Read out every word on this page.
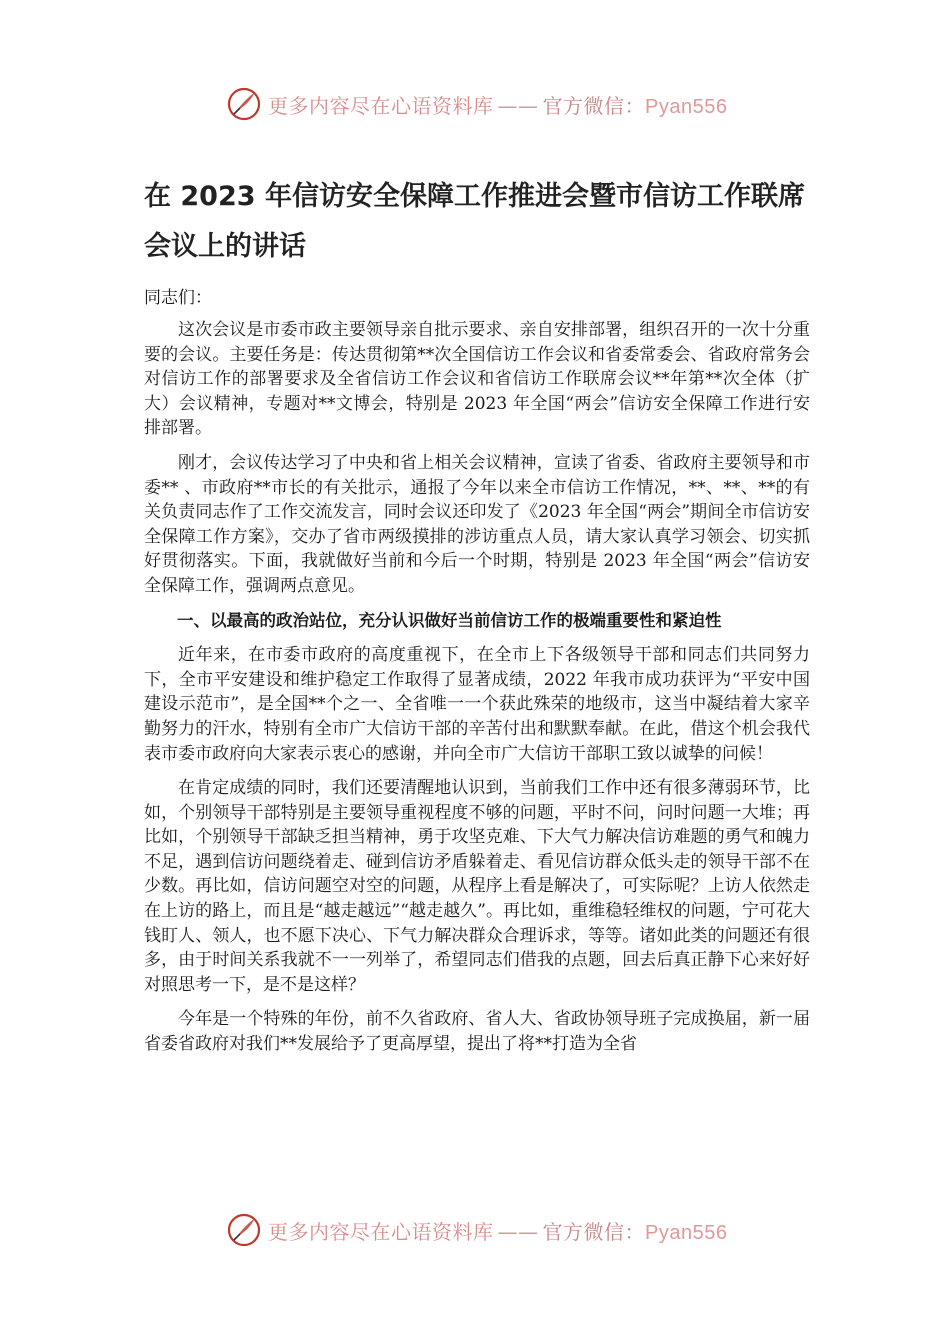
更多内容尽在心语资料库 —— 官方微信：Pyan556
在 2023 年信访安全保障工作推进会暨市信访工作联席会议上的讲话
同志们：

这次会议是市委市政主要领导亲自批示要求、亲自安排部署，组织召开的一次十分重要的会议。主要任务是：传达贯彻第**次全国信访工作会议和省委常委会、省政府常务会对信访工作的部署要求及全省信访工作会议和省信访工作联席会议**年第**次全体（扩大）会议精神，专题对**文博会，特别是 2023 年全国“两会”信访安全保障工作进行安排部署。

刚才，会议传达学习了中央和省上相关会议精神，宣读了省委、省政府主要领导和市委** 、市政府**市长的有关批示，通报了今年以来全市信访工作情况，**、**、**的有关负责同志作了工作交流发言，同时会议还印发了《2023 年全国“两会”期间全市信访安全保障工作方案》，交办了省市两级摸排的涉访重点人员，请大家认真学习领会、切实抓好贯彻落实。下面，我就做好当前和今后一个时期，特别是 2023 年全国“两会”信访安全保障工作，强调两点意见。

一、以最高的政治站位，充分认识做好当前信访工作的极端重要性和紧迫性

近年来，在市委市政府的高度重视下，在全市上下各级领导干部和同志们共同努力下，全市平安建设和维护稳定工作取得了显著成绩，2022 年我市成功获评为“平安中国建设示范市”，是全国**个之一、全省唯一一个获此殊荣的地级市，这当中凝结着大家辛勤努力的汗水，特别有全市广大信访干部的辛苦付出和默默奉献。在此，借这个机会我代表市委市政府向大家表示衷心的感谢，并向全市广大信访干部职工致以诚挚的问候！

在肯定成绩的同时，我们还要清醒地认识到，当前我们工作中还有很多薄弱环节，比如，个别领导干部特别是主要领导重视程度不够的问题，平时不问，问时问题一大堆；再比如，个别领导干部缺乏担当精神，勇于攻坚克难、下大气力解决信访难题的勇气和魄力不足，遇到信访问题绕着走、碰到信访矛盾躲着走、看见信访群众低头走的领导干部不在少数。再比如，信访问题空对空的问题，从程序上看是解决了，可实际呢？上访人依然走在上访的路上，而且是“越走越远”“越走越久”。再比如，重维稳轻维权的问题，宁可花大钱盯人、领人，也不愿下决心、下气力解决群众合理诉求，等等。诸如此类的问题还有很多，由于时间关系我就不一一列举了，希望同志们借我的点题，回去后真正静下心来好好对照思考一下，是不是这样？

今年是一个特殊的年份，前不久省政府、省人大、省政协领导班子完成换届，新一届省委省政府对我们**发展给予了更高厚望，提出了将**打造为全省

更多内容尽在心语资料库 —— 官方微信：Pyan556
